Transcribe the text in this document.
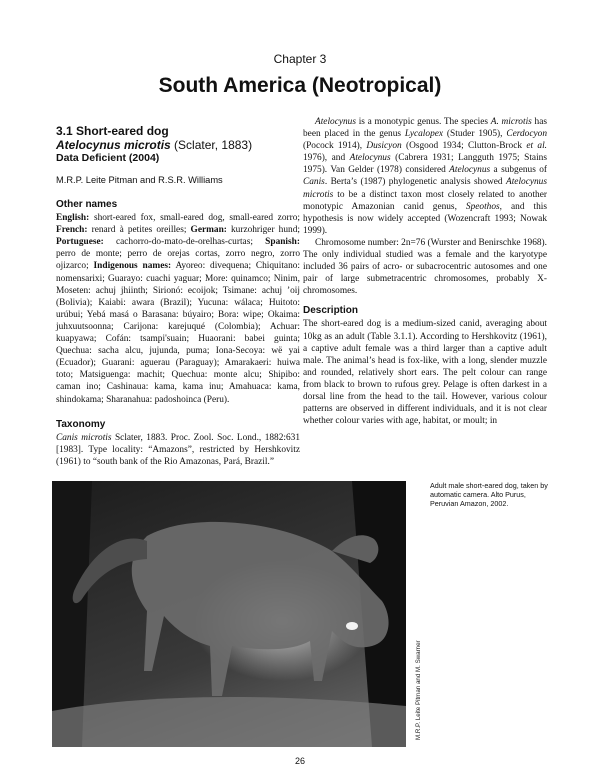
Chapter 3
South America (Neotropical)
3.1 Short-eared dog
Atelocynus microtis (Sclater, 1883)
Data Deficient (2004)
M.R.P. Leite Pitman and R.S.R. Williams
Other names

English: short-eared fox, small-eared dog, small-eared zorro; French: renard à petites oreilles; German: kurzohriger hund; Portuguese: cachorro-do-mato-de-orelhas-curtas; Spanish: perro de monte; perro de orejas cortas, zorro negro, zorro ojizarco; Indigenous names: Ayoreo: divequena; Chiquitano: nomensarixi; Guarayo: cuachi yaguar; More: quinamco; Ninim, Moseten: achuj jhiinth; Sirionó: ecoijok; Tsimane: achuj ʼoij (Bolivia); Kaiabi: awara (Brazil); Yucuna: wálaca; Huitoto: urúbui; Yebá masá o Barasana: búyairo; Bora: wipe; Okaima: juhxuutsoonna; Carijona: karejuqué (Colombia); Achuar: kuapyawa; Cofán: tsampi'suain; Huaorani: babei guinta; Quechua: sacha alcu, jujunda, puma; Iona-Secoya: wë yai (Ecuador); Guarani: aguerau (Paraguay); Amarakaeri: huiwa toto; Matsiguenga: machit; Quechua: monte alcu; Shipibo: caman ino; Cashinaua: kama, kama inu; Amahuaca: kama, shindokama; Sharanahua: padoshoinca (Peru).

Taxonomy

Canis microtis Sclater, 1883. Proc. Zool. Soc. Lond., 1882:631 [1983]. Type locality: “Amazons”, restricted by Hershkovitz (1961) to “south bank of the Rio Amazonas, Pará, Brazil.”

Atelocynus is a monotypic genus. The species A. microtis has been placed in the genus Lycalopex (Studer 1905), Cerdocyon (Pocock 1914), Dusicyon (Osgood 1934; Clutton-Brock et al. 1976), and Atelocynus (Cabrera 1931; Langguth 1975; Stains 1975). Van Gelder (1978) considered Atelocynus a subgenus of Canis. Berta’s (1987) phylogenetic analysis showed Atelocynus microtis to be a distinct taxon most closely related to another monotypic Amazonian canid genus, Speothos, and this hypothesis is now widely accepted (Wozencraft 1993; Nowak 1999).

Chromosome number: 2n=76 (Wurster and Benirschke 1968). The only individual studied was a female and the karyotype included 36 pairs of acro- or subacrocentric autosomes and one pair of large submetracentric chromosomes, probably X-chromosomes.

Description

The short-eared dog is a medium-sized canid, averaging about 10kg as an adult (Table 3.1.1). According to Hershkovitz (1961), a captive adult female was a third larger than a captive adult male. The animal’s head is fox-like, with a long, slender muzzle and rounded, relatively short ears. The pelt colour can range from black to brown to rufous grey. Pelage is often darkest in a dorsal line from the head to the tail. However, various colour patterns are observed in different individuals, and it is not clear whether colour varies with age, habitat, or moult; in

M.R.P. Leite Pitman and M. Swarner
Adult male short-eared dog, taken by automatic camera. Alto Purus, Peruvian Amazon, 2002.
26
